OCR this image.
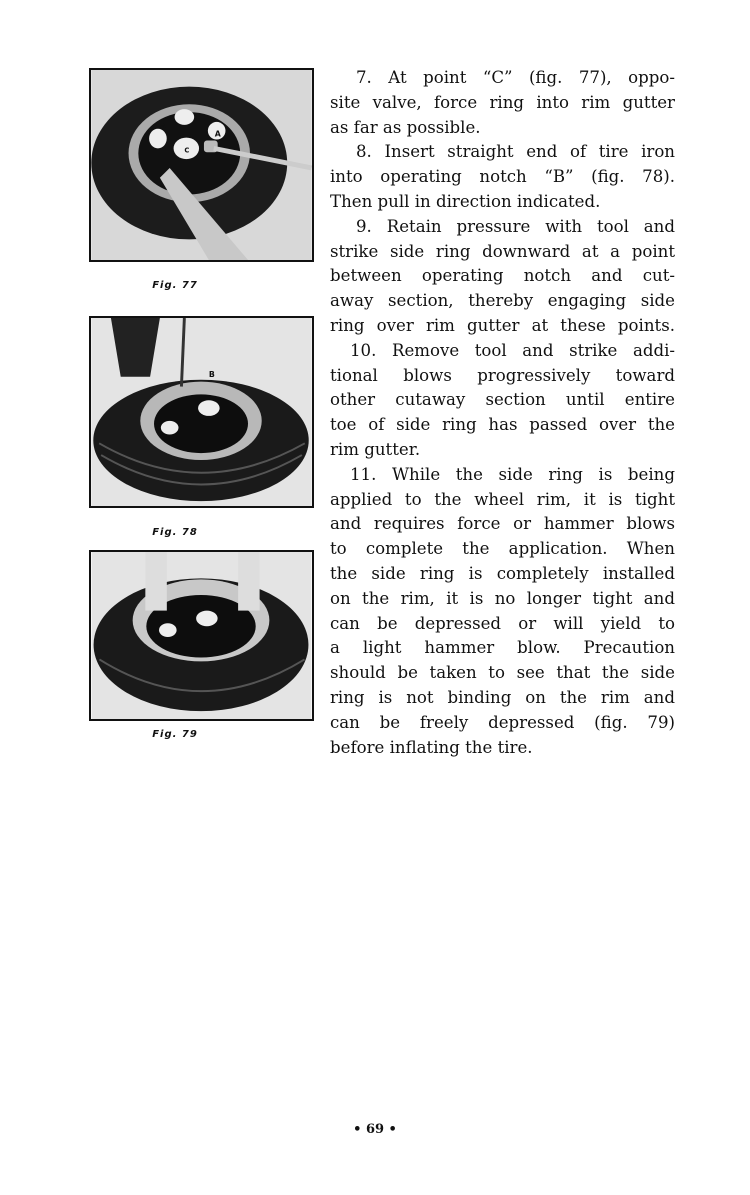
A
A
C
Fig. 77
B
Fig. 78
Fig. 79
7. At point “C” (fig. 77), oppo-
site valve, force ring into rim gutter
as far as possible.
8. Insert straight end of tire iron
into operating notch “B” (fig. 78).
Then pull in direction indicated.
9. Retain pressure with tool and
strike side ring downward at a point
between operating notch and cut-
away section, thereby engaging side
ring over rim gutter at these points.
10. Remove tool and strike addi-
tional blows progressively toward
other cutaway section until entire
toe of side ring has passed over the
rim gutter.
11. While the side ring is being
applied to the wheel rim, it is tight
and requires force or hammer blows
to complete the application. When
the side ring is completely installed
on the rim, it is no longer tight and
can be depressed or will yield to
a light hammer blow. Precaution
should be taken to see that the side
ring is not binding on the rim and
can be freely depressed (fig. 79)
before inflating the tire.
• 69 •
